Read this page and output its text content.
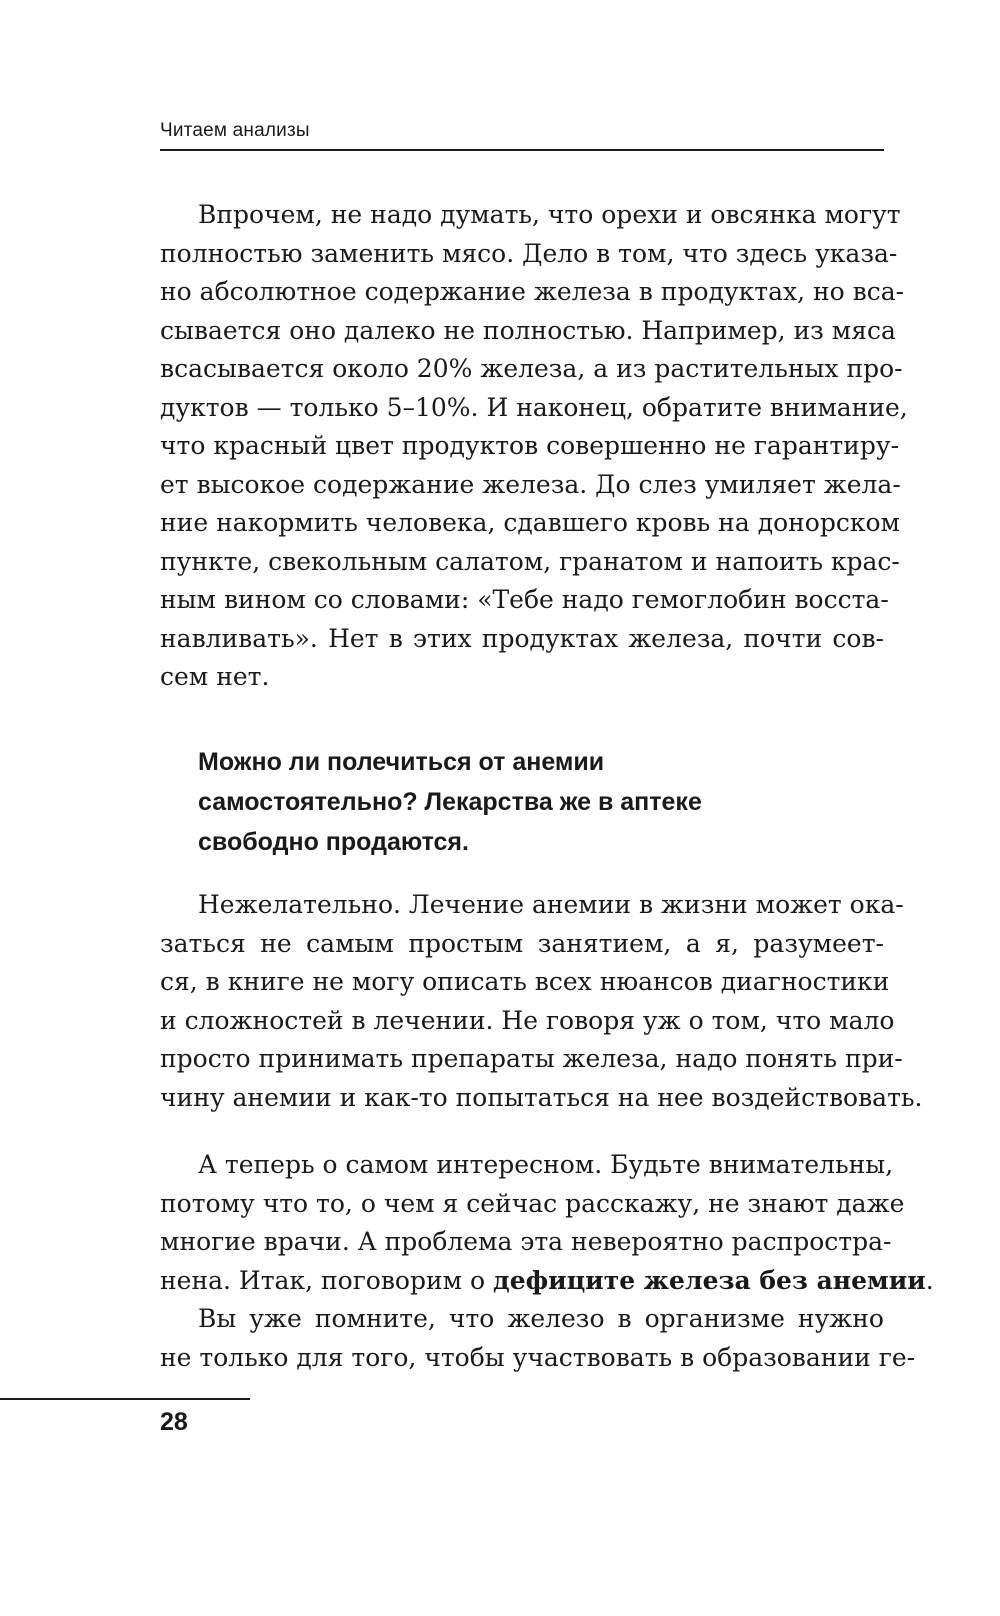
Читаем анализы
Впрочем, не надо думать, что орехи и овсянка могут
полностью заменить мясо. Дело в том, что здесь указа-
но абсолютное содержание железа в продуктах, но вса-
сывается оно далеко не полностью. Например, из мяса
всасывается около 20% железа, а из растительных про-
дуктов — только 5–10%. И наконец, обратите внимание,
что красный цвет продуктов совершенно не гарантиру-
ет высокое содержание железа. До слез умиляет жела-
ние накормить человека, сдавшего кровь на донорском
пункте, свекольным салатом, гранатом и напоить крас-
ным вином со словами: «Тебе надо гемоглобин восста-
навливать». Нет в этих продуктах железа, почти сов-
сем нет.
Можно ли полечиться от анемии
самостоятельно? Лекарства же в аптеке
свободно продаются.
Нежелательно. Лечение анемии в жизни может ока-
заться не самым простым занятием, а я, разумеет-
ся, в книге не могу описать всех нюансов диагностики
и сложностей в лечении. Не говоря уж о том, что мало
просто принимать препараты железа, надо понять при-
чину анемии и как-то попытаться на нее воздействовать.
А теперь о самом интересном. Будьте внимательны,
потому что то, о чем я сейчас расскажу, не знают даже
многие врачи. А проблема эта невероятно распростра-
нена. Итак, поговорим о дефиците железа без анемии.
Вы уже помните, что железо в организме нужно
не только для того, чтобы участвовать в образовании ге-
28
